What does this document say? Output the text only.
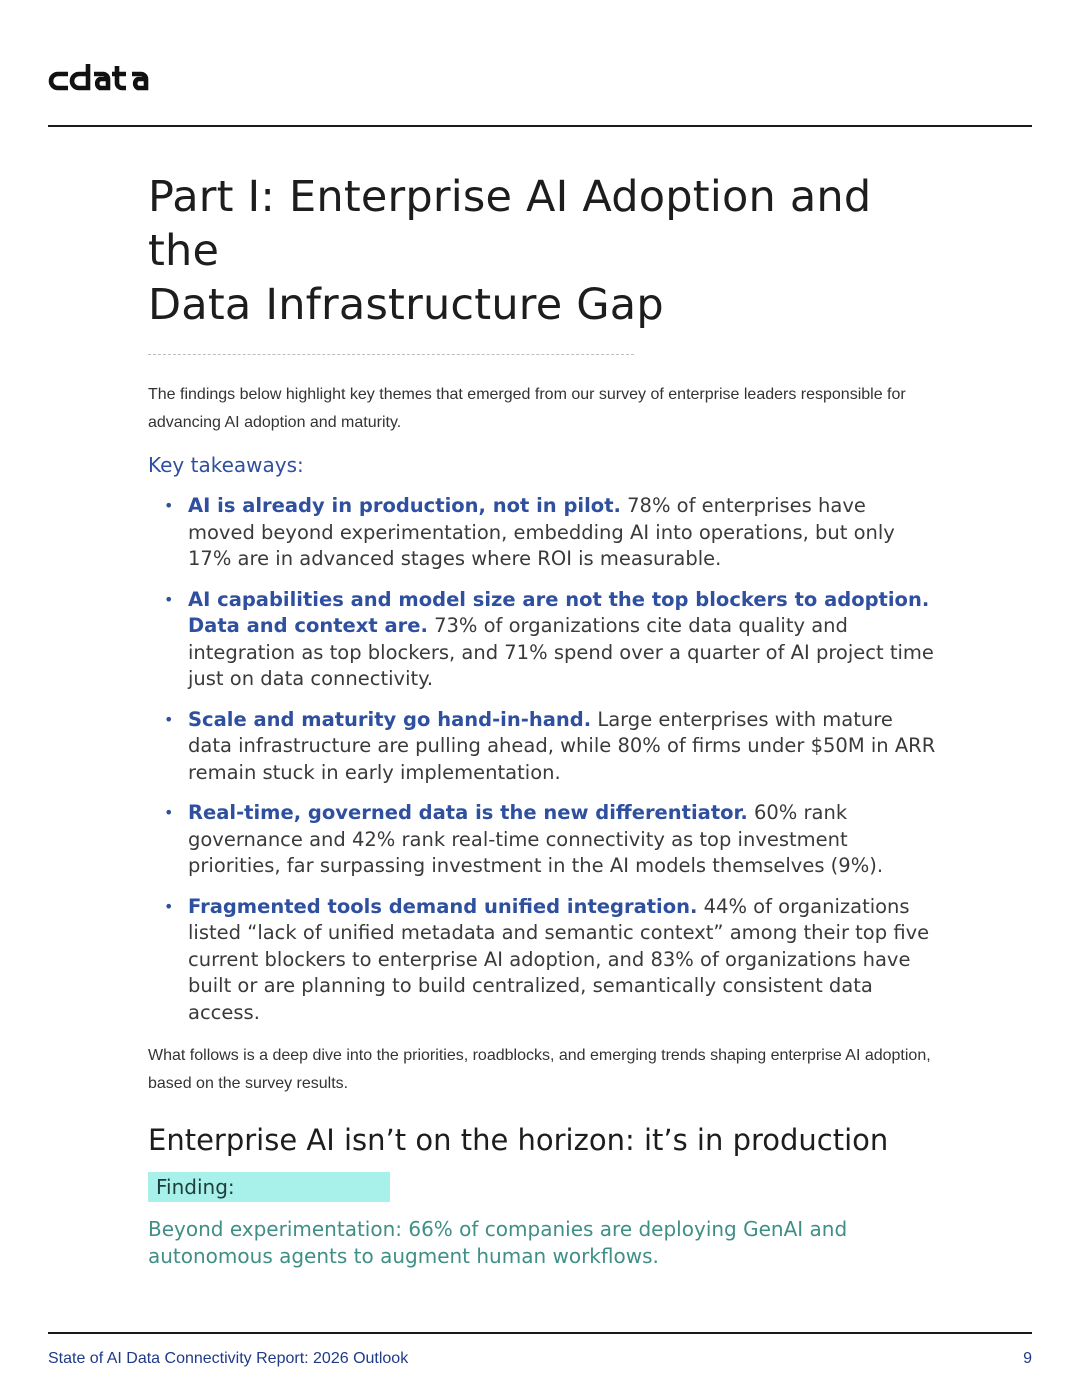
Part I: Enterprise AI Adoption and the
Data Infrastructure Gap

The findings below highlight key themes that emerged from our survey of enterprise leaders responsible for advancing AI adoption and maturity.

Key takeaways:
• AI is already in production, not in pilot. 78% of enterprises have moved beyond experimentation, embedding AI into operations, but only 17% are in advanced stages where ROI is measurable.
• AI capabilities and model size are not the top blockers to adoption. Data and context are. 73% of organizations cite data quality and integration as top blockers, and 71% spend over a quarter of AI project time just on data connectivity.
• Scale and maturity go hand-in-hand. Large enterprises with mature data infrastructure are pulling ahead, while 80% of firms under $50M in ARR remain stuck in early implementation.
• Real-time, governed data is the new differentiator. 60% rank governance and 42% rank real-time connectivity as top investment priorities, far surpassing investment in the AI models themselves (9%).
• Fragmented tools demand unified integration. 44% of organizations listed “lack of unified metadata and semantic context” among their top five current blockers to enterprise AI adoption, and 83% of organizations have built or are planning to build centralized, semantically consistent data access.

What follows is a deep dive into the priorities, roadblocks, and emerging trends shaping enterprise AI adoption, based on the survey results.

Enterprise AI isn’t on the horizon: it’s in production
Finding:

Beyond experimentation: 66% of companies are deploying GenAI and autonomous agents to augment human workflows.

State of AI Data Connectivity Report: 2026 Outlook	9
